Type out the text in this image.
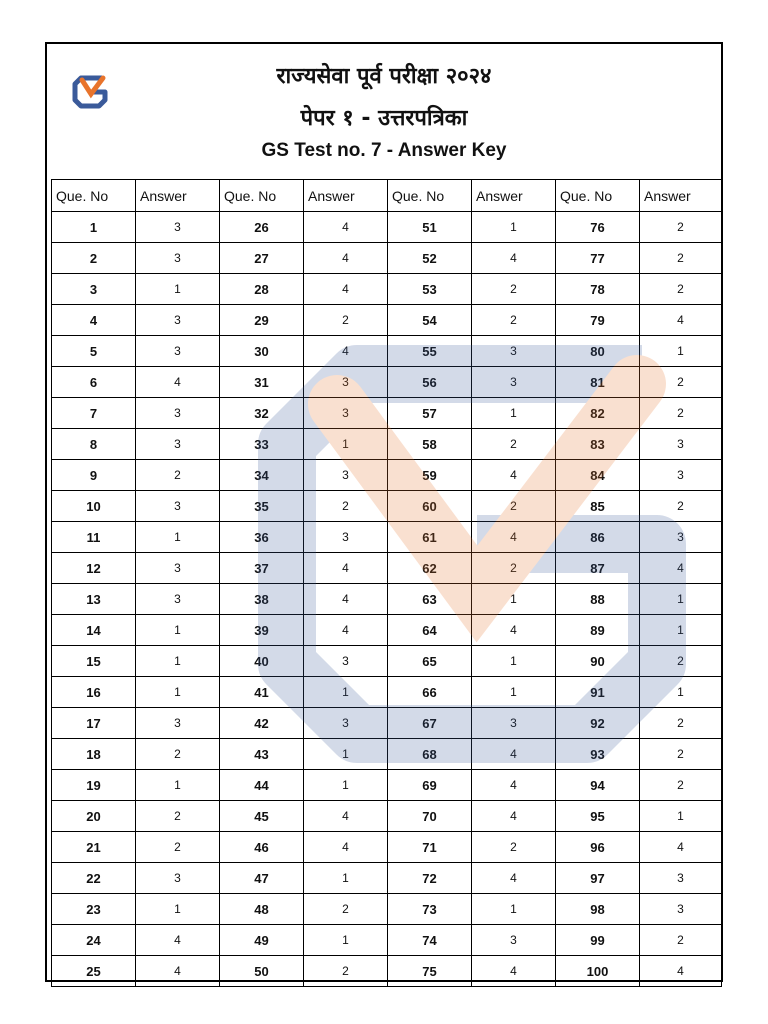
राज्यसेवा पूर्व परीक्षा २०२४
पेपर १ - उत्तरपत्रिका
GS Test no. 7 - Answer Key
Que. No	Answer	Que. No	Answer	Que. No	Answer	Que. No	Answer
1	3	26	4	51	1	76	2
2	3	27	4	52	4	77	2
3	1	28	4	53	2	78	2
4	3	29	2	54	2	79	4
5	3	30	4	55	3	80	1
6	4	31	3	56	3	81	2
7	3	32	3	57	1	82	2
8	3	33	1	58	2	83	3
9	2	34	3	59	4	84	3
10	3	35	2	60	2	85	2
11	1	36	3	61	4	86	3
12	3	37	4	62	2	87	4
13	3	38	4	63	1	88	1
14	1	39	4	64	4	89	1
15	1	40	3	65	1	90	2
16	1	41	1	66	1	91	1
17	3	42	3	67	3	92	2
18	2	43	1	68	4	93	2
19	1	44	1	69	4	94	2
20	2	45	4	70	4	95	1
21	2	46	4	71	2	96	4
22	3	47	1	72	4	97	3
23	1	48	2	73	1	98	3
24	4	49	1	74	3	99	2
25	4	50	2	75	4	100	4
